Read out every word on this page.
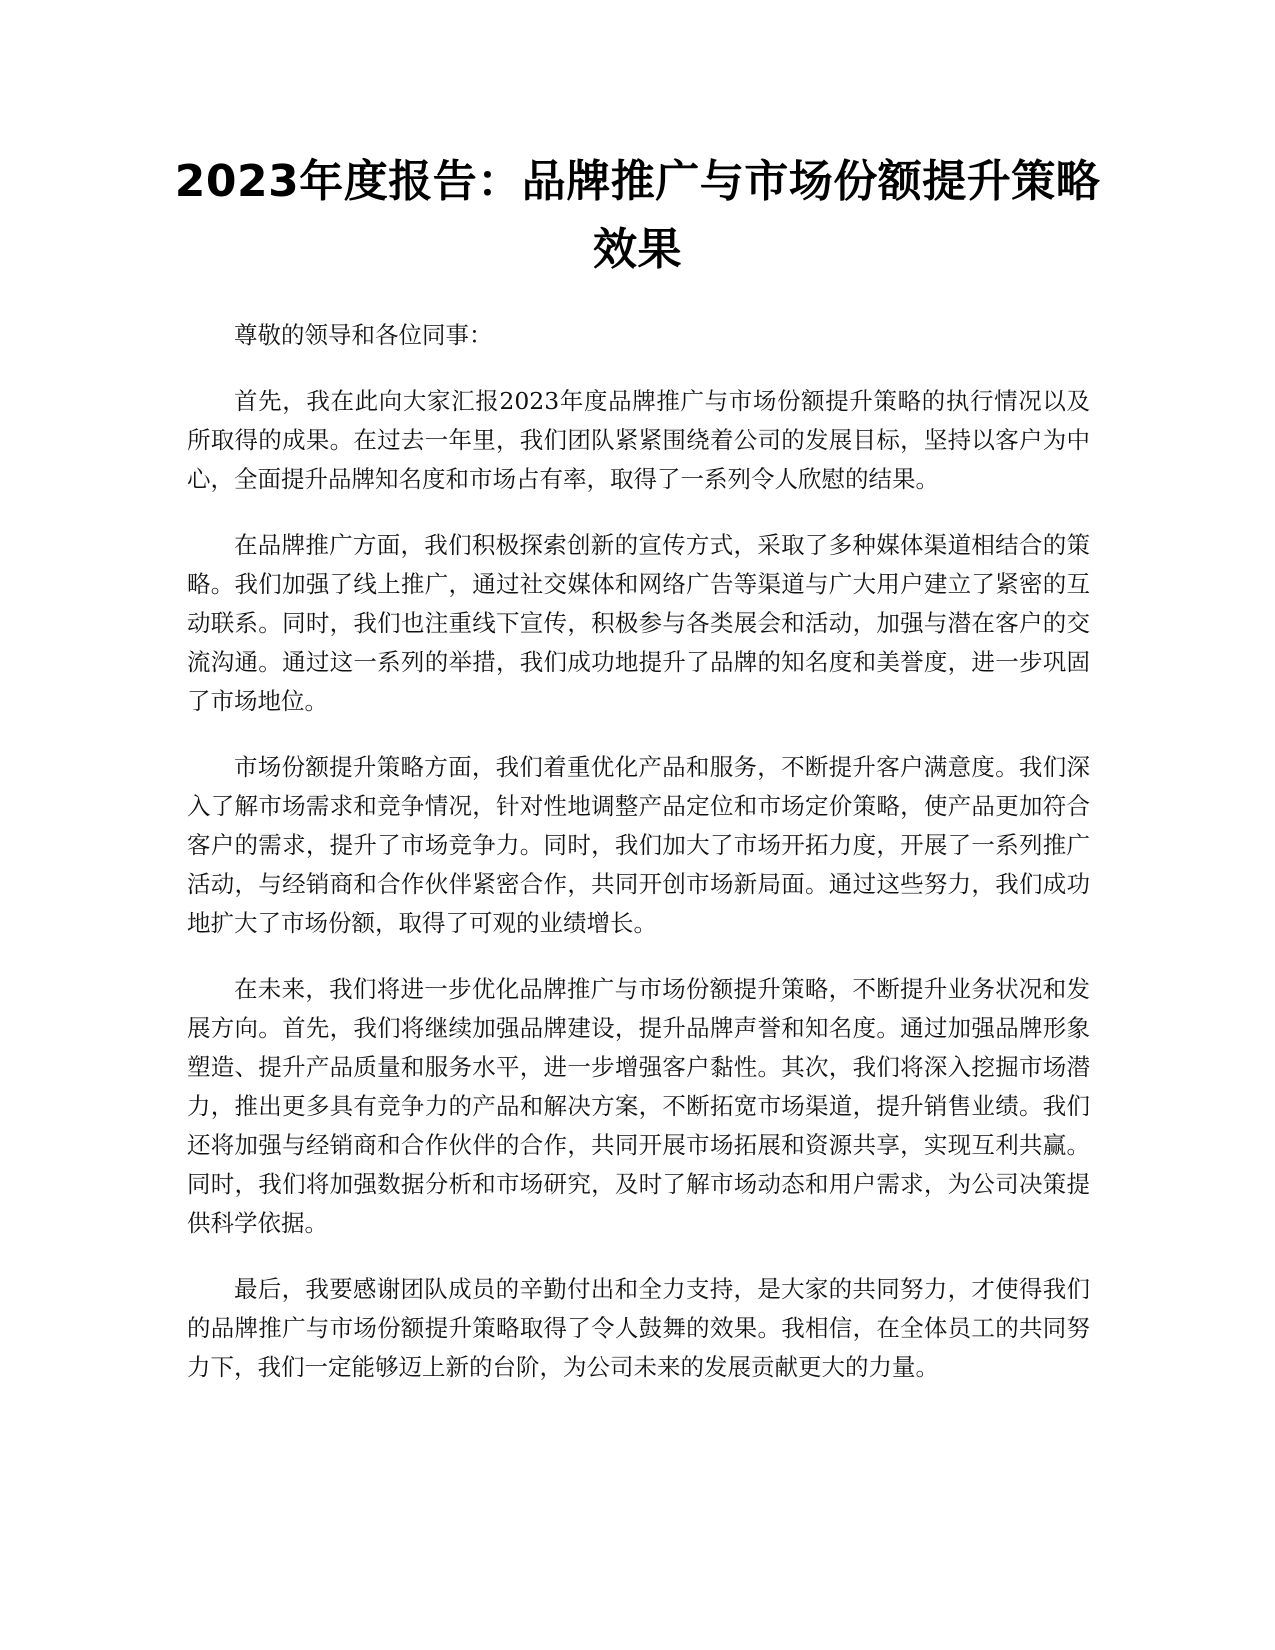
2023年度报告：品牌推广与市场份额提升策略效果

尊敬的领导和各位同事：

首先，我在此向大家汇报2023年度品牌推广与市场份额提升策略的执行情况以及所取得的成果。在过去一年里，我们团队紧紧围绕着公司的发展目标，坚持以客户为中心，全面提升品牌知名度和市场占有率，取得了一系列令人欣慰的结果。

在品牌推广方面，我们积极探索创新的宣传方式，采取了多种媒体渠道相结合的策略。我们加强了线上推广，通过社交媒体和网络广告等渠道与广大用户建立了紧密的互动联系。同时，我们也注重线下宣传，积极参与各类展会和活动，加强与潜在客户的交流沟通。通过这一系列的举措，我们成功地提升了品牌的知名度和美誉度，进一步巩固了市场地位。

市场份额提升策略方面，我们着重优化产品和服务，不断提升客户满意度。我们深入了解市场需求和竞争情况，针对性地调整产品定位和市场定价策略，使产品更加符合客户的需求，提升了市场竞争力。同时，我们加大了市场开拓力度，开展了一系列推广活动，与经销商和合作伙伴紧密合作，共同开创市场新局面。通过这些努力，我们成功地扩大了市场份额，取得了可观的业绩增长。

在未来，我们将进一步优化品牌推广与市场份额提升策略，不断提升业务状况和发展方向。首先，我们将继续加强品牌建设，提升品牌声誉和知名度。通过加强品牌形象塑造、提升产品质量和服务水平，进一步增强客户黏性。其次，我们将深入挖掘市场潜力，推出更多具有竞争力的产品和解决方案，不断拓宽市场渠道，提升销售业绩。我们还将加强与经销商和合作伙伴的合作，共同开展市场拓展和资源共享，实现互利共赢。同时，我们将加强数据分析和市场研究，及时了解市场动态和用户需求，为公司决策提供科学依据。

最后，我要感谢团队成员的辛勤付出和全力支持，是大家的共同努力，才使得我们的品牌推广与市场份额提升策略取得了令人鼓舞的效果。我相信，在全体员工的共同努力下，我们一定能够迈上新的台阶，为公司未来的发展贡献更大的力量。
